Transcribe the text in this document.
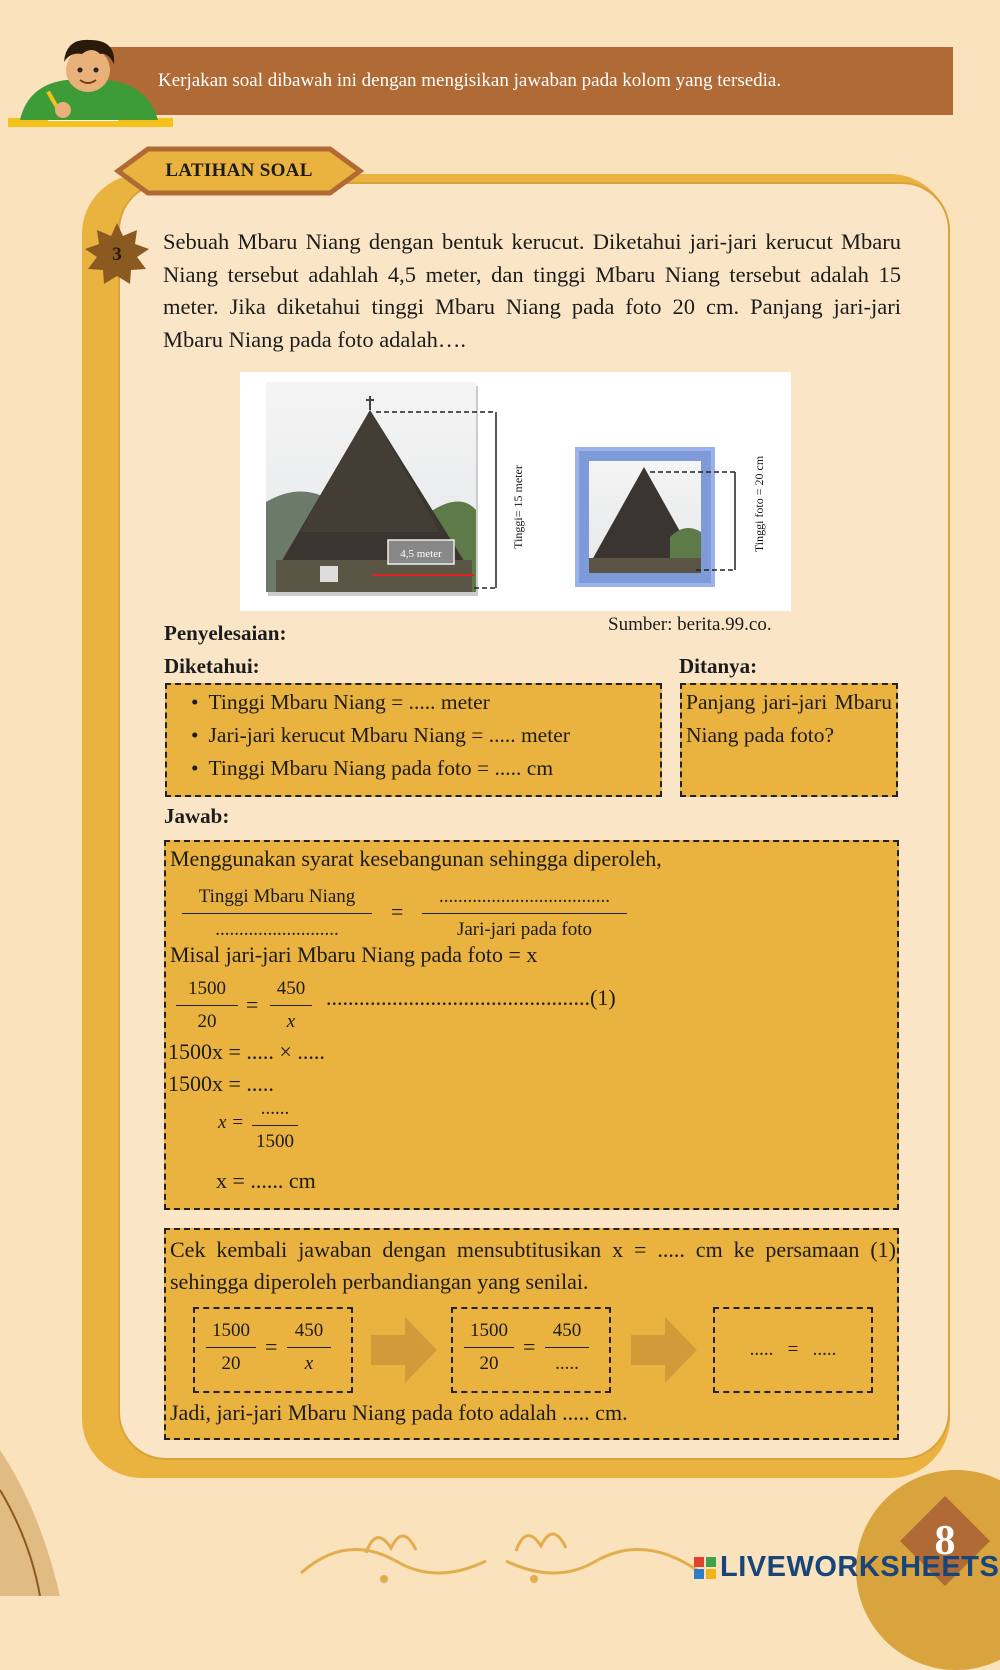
Kerjakan soal dibawah ini dengan mengisikan jawaban pada kolom yang tersedia.
LATIHAN SOAL
3
Sebuah Mbaru Niang dengan bentuk kerucut. Diketahui jari-jari kerucut Mbaru Niang tersebut adahlah 4,5 meter, dan tinggi Mbaru Niang tersebut adalah 15 meter. Jika diketahui tinggi Mbaru Niang pada foto 20 cm. Panjang jari-jari Mbaru Niang pada foto adalah….
4,5 meter
Tinggi= 15 meter	Tinggi foto = 20 cm
Sumber: berita.99.co.
Penyelesaian:
Diketahui:	Ditanya:
• Tinggi Mbaru Niang = ..... meter
• Jari-jari kerucut Mbaru Niang = ..... meter
• Tinggi Mbaru Niang pada foto = ..... cm
Panjang jari-jari Mbaru Niang pada foto?
Jawab:
Menggunakan syarat kesebangunan sehingga diperoleh,
Tinggi Mbaru Niang
..........................
=
....................................
Jari-jari pada foto
Misal jari-jari Mbaru Niang pada foto = x
1500
20
=
450
x
................................................(1)
1500x = ..... × .....
1500x = .....
x =
......
1500
x = ...... cm
Cek kembali jawaban dengan mensubtitusikan x = ..... cm ke persamaan (1) sehingga diperoleh perbandiangan yang senilai.
1500
20
=
450
x
1500
20
=
450
.....
.....   =   .....
Jadi, jari-jari Mbaru Niang pada foto adalah ..... cm.
8
LIVEWORKSHEETS
